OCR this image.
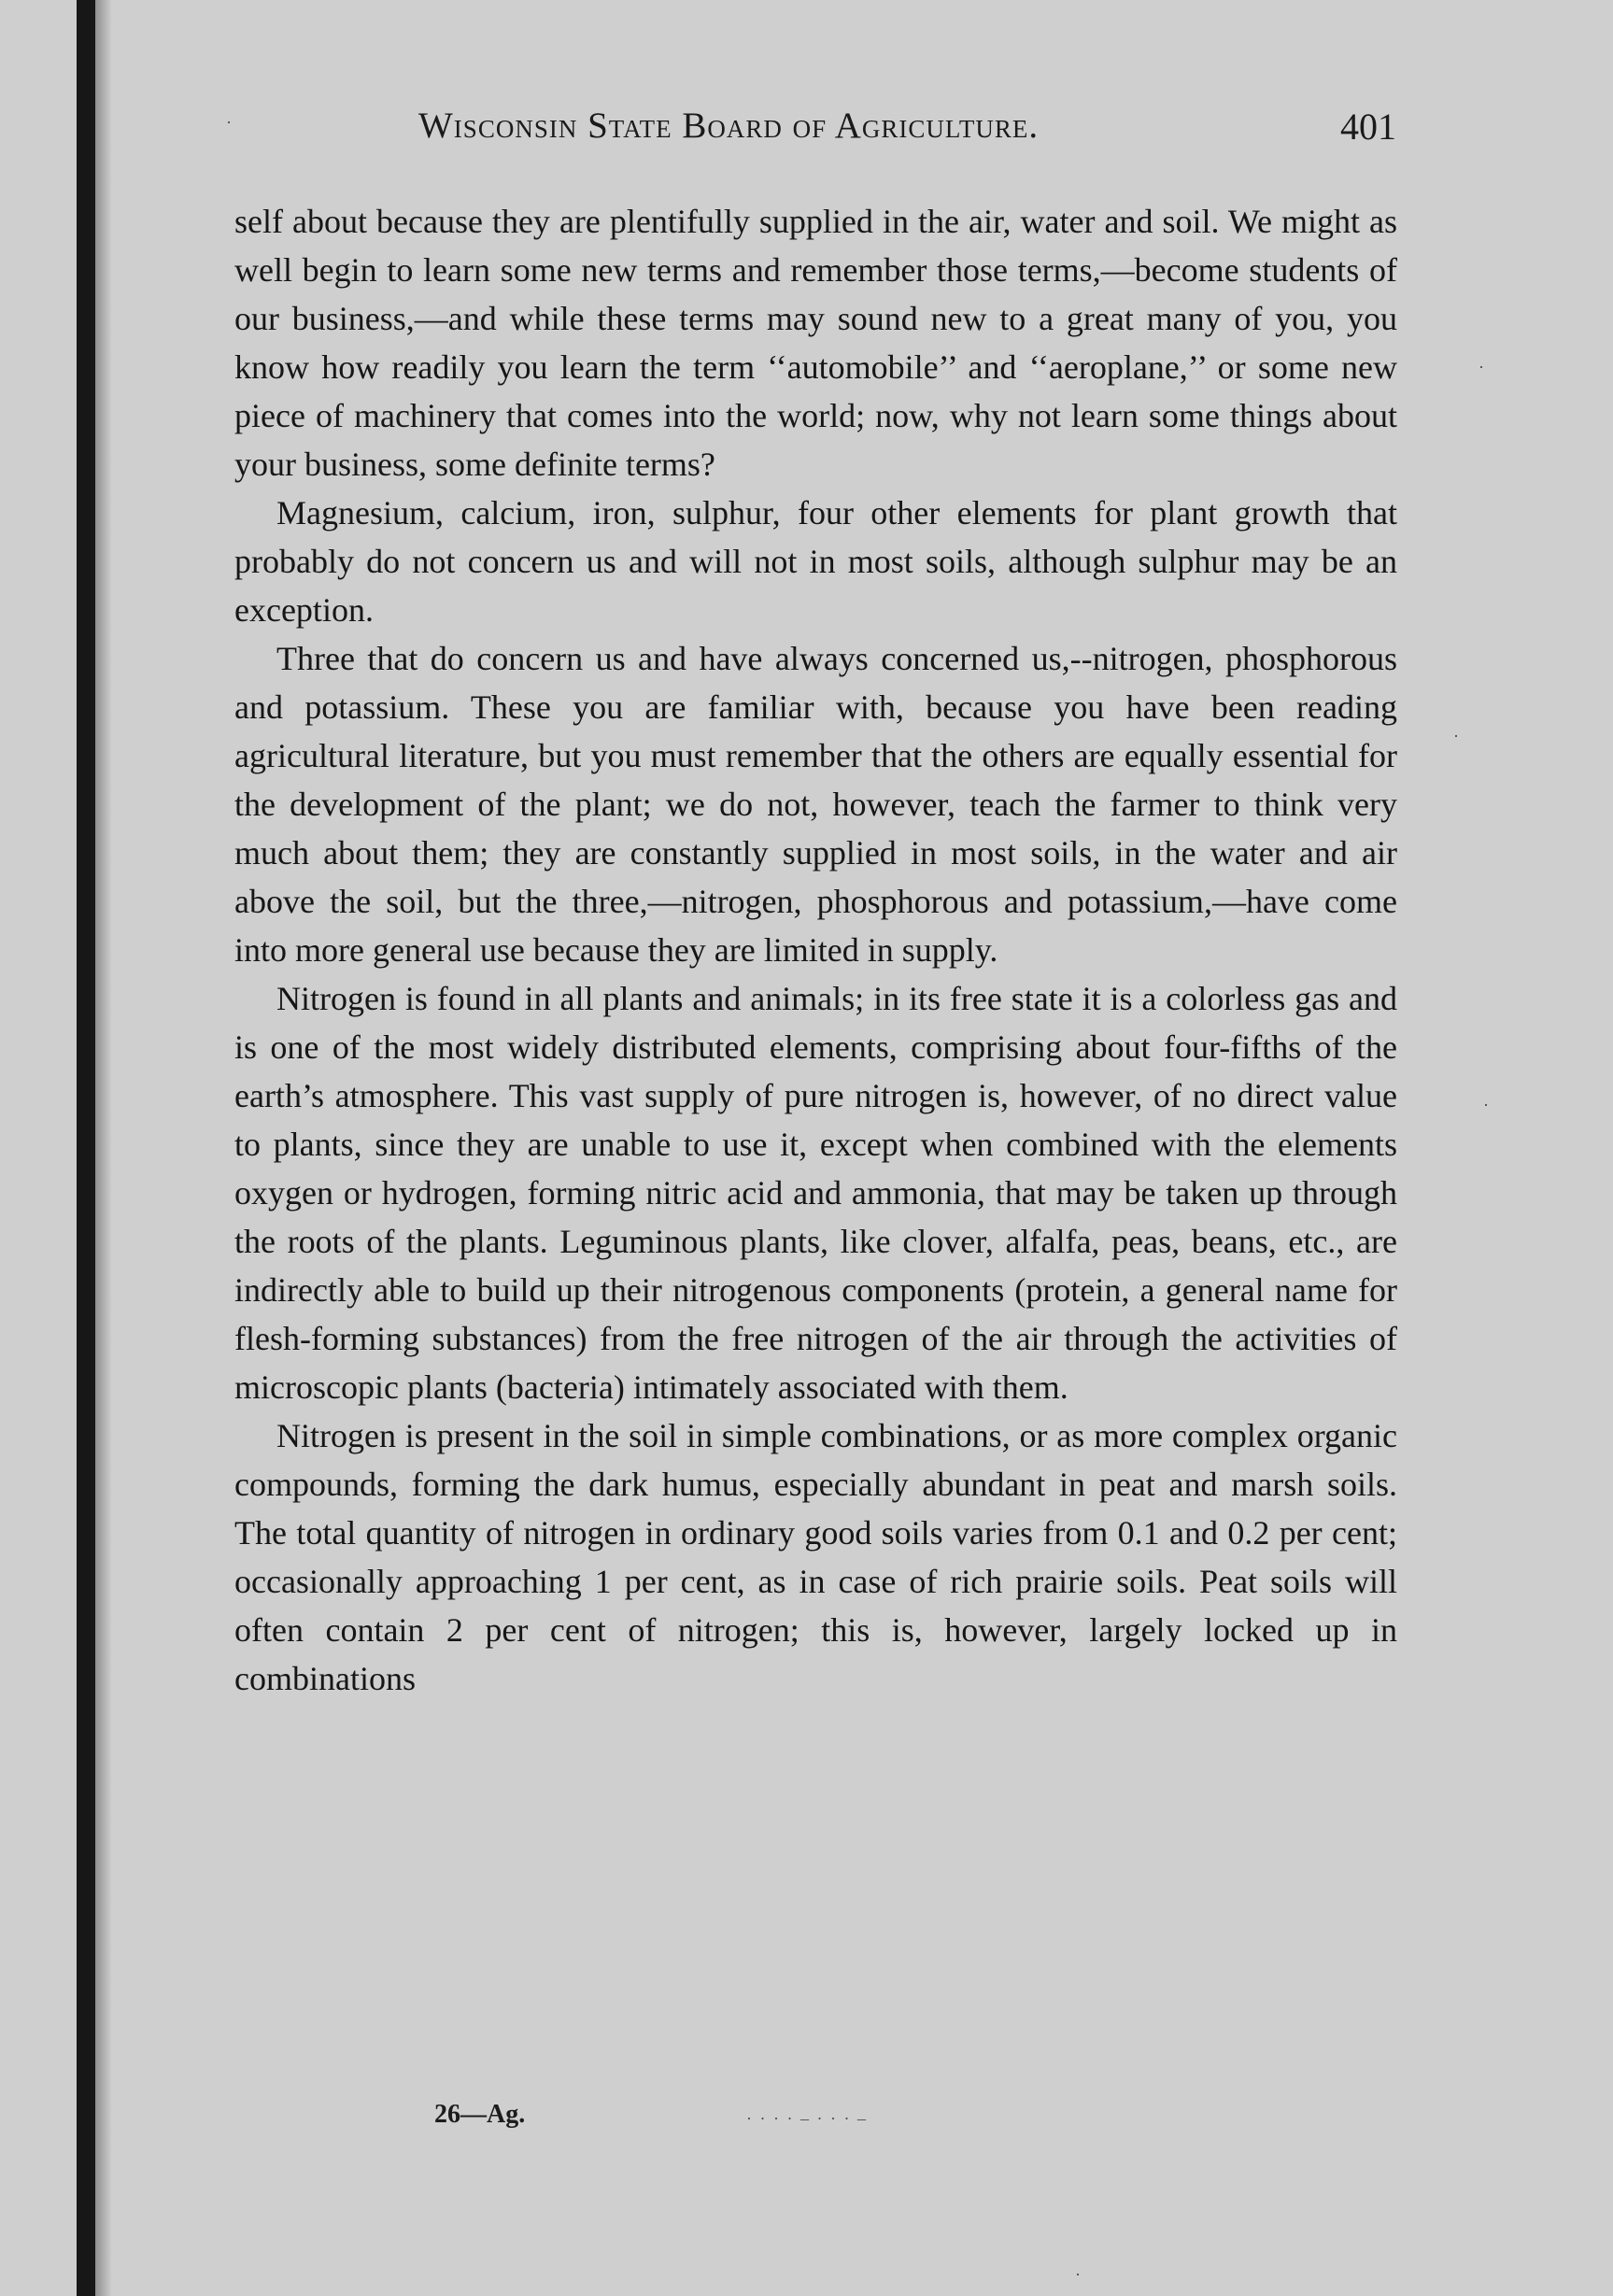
Wisconsin State Board of Agriculture.	401

self about because they are plentifully supplied in the air, water and soil. We might as well begin to learn some new terms and remember those terms,—become students of our business,—and while these terms may sound new to a great many of you, you know how readily you learn the term ‘‘automobile’’ and ‘‘aeroplane,’’ or some new piece of machinery that comes into the world; now, why not learn some things about your business, some definite terms?

Magnesium, calcium, iron, sulphur, four other elements for plant growth that probably do not concern us and will not in most soils, although sulphur may be an exception.

Three that do concern us and have always concerned us,--nitrogen, phosphorous and potassium. These you are familiar with, because you have been reading agricultural literature, but you must remember that the others are equally essential for the development of the plant; we do not, however, teach the farmer to think very much about them; they are constantly supplied in most soils, in the water and air above the soil, but the three,—nitrogen, phosphorous and potassium,—have come into more general use because they are limited in supply.

Nitrogen is found in all plants and animals; in its free state it is a colorless gas and is one of the most widely distributed elements, comprising about four-fifths of the earth’s atmosphere. This vast supply of pure nitrogen is, however, of no direct value to plants, since they are unable to use it, except when combined with the elements oxygen or hydrogen, forming nitric acid and ammonia, that may be taken up through the roots of the plants. Leguminous plants, like clover, alfalfa, peas, beans, etc., are indirectly able to build up their nitrogenous components (protein, a general name for flesh-forming substances) from the free nitrogen of the air through the activities of microscopic plants (bacteria) intimately associated with them.

Nitrogen is present in the soil in simple combinations, or as more complex organic compounds, forming the dark humus, especially abundant in peat and marsh soils. The total quantity of nitrogen in ordinary good soils varies from 0.1 and 0.2 per cent; occasionally approaching 1 per cent, as in case of rich prairie soils. Peat soils will often contain 2 per cent of nitrogen; this is, however, largely locked up in combinations

26—Ag.	· · · · – · · · –
·
·
·
·
·
